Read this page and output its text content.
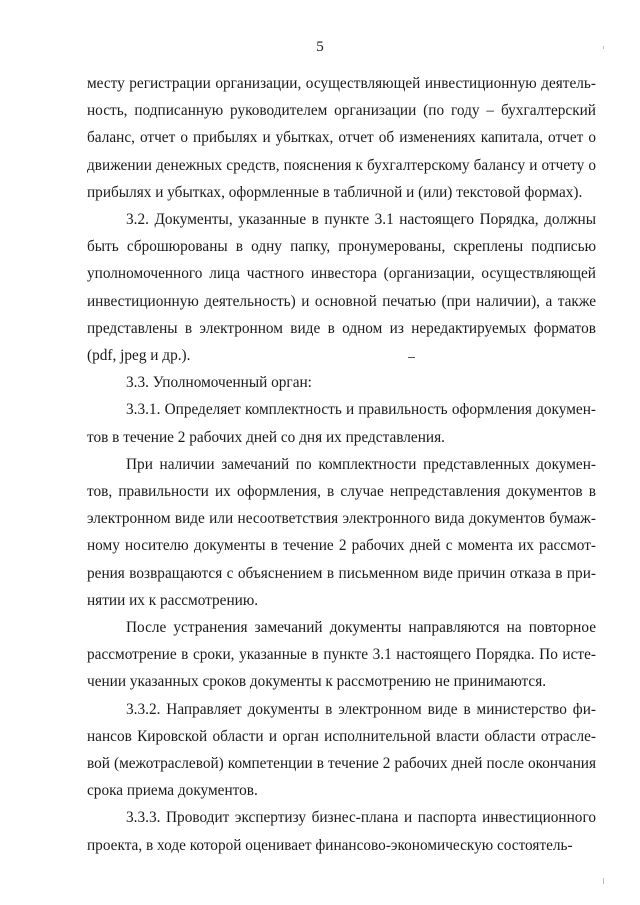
5

месту регистрации организации, осуществляющей инвестиционную деятельность, подписанную руководителем организации (по году – бухгалтерский баланс, отчет о прибылях и убытках, отчет об изменениях капитала, отчет о движении денежных средств, пояснения к бухгалтерскому балансу и отчету о прибылях и убытках, оформленные в табличной и (или) текстовой формах).

3.2. Документы, указанные в пункте 3.1 настоящего Порядка, должны быть сброшюрованы в одну папку, пронумерованы, скреплены подписью уполномоченного лица частного инвестора (организации, осуществляющей инвестиционную деятельность) и основной печатью (при наличии), а также представлены в электронном виде в одном из нередактируемых форматов (pdf, jpeg и др.).

3.3. Уполномоченный орган:

3.3.1. Определяет комплектность и правильность оформления документов в течение 2 рабочих дней со дня их представления.

При наличии замечаний по комплектности представленных документов, правильности их оформления, в случае непредставления документов в электронном виде или несоответствия электронного вида документов бумажному носителю документы в течение 2 рабочих дней с момента их рассмотрения возвращаются с объяснением в письменном виде причин отказа в принятии их к рассмотрению.

После устранения замечаний документы направляются на повторное рассмотрение в сроки, указанные в пункте 3.1 настоящего Порядка. По истечении указанных сроков документы к рассмотрению не принимаются.

3.3.2. Направляет документы в электронном виде в министерство финансов Кировской области и орган исполнительной власти области отраслевой (межотраслевой) компетенции в течение 2 рабочих дней после окончания срока приема документов.

3.3.3. Проводит экспертизу бизнес-плана и паспорта инвестиционного проекта, в ходе которой оценивает финансово-экономическую состоятель-
